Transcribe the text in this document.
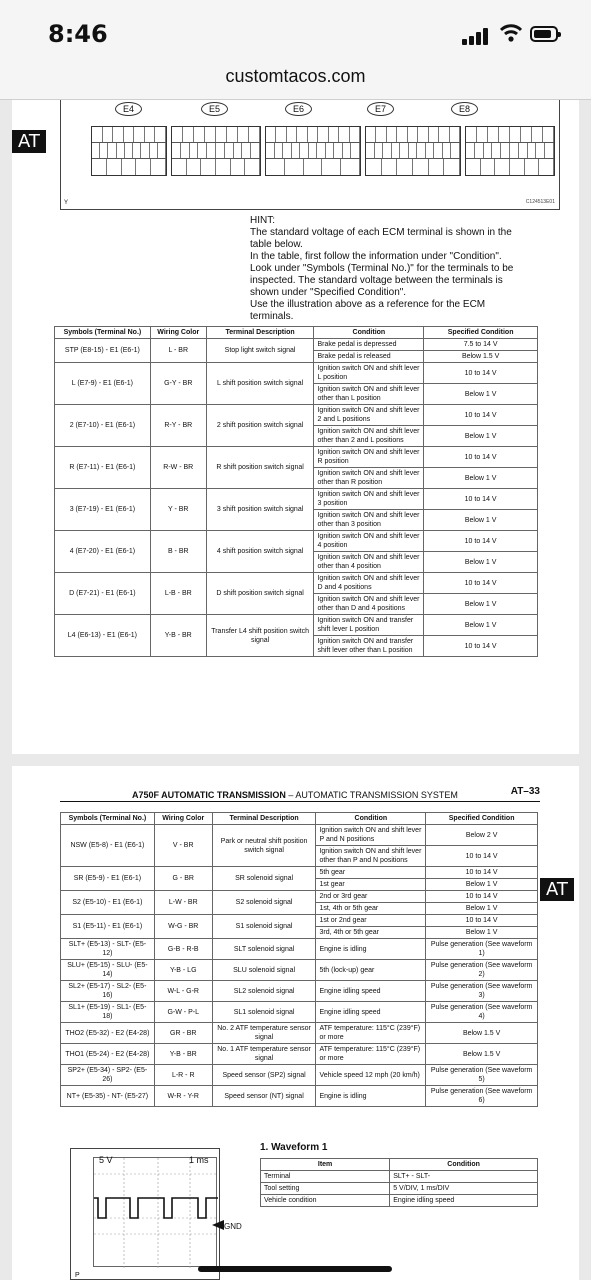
8:46
customtacos.com
AT
E4	E5	E6	E7	E8
Y	C124513E01
HINT:
The standard voltage of each ECM terminal is shown in the table below.
In the table, first follow the information under "Condition".
Look under "Symbols (Terminal No.)" for the terminals to be inspected. The standard voltage between the terminals is shown under "Specified Condition".
Use the illustration above as a reference for the ECM terminals.
Symbols (Terminal No.)	Wiring Color	Terminal Description	Condition	Specified Condition
STP (E8-15) - E1 (E6-1)	L - BR	Stop light switch signal	Brake pedal is depressed	7.5 to 14 V
			Brake pedal is released	Below 1.5 V
L (E7-9) - E1 (E6-1)	G-Y - BR	L shift position switch signal	Ignition switch ON and shift lever L position	10 to 14 V
			Ignition switch ON and shift lever other than L position	Below 1 V
2 (E7-10) - E1 (E6-1)	R-Y - BR	2 shift position switch signal	Ignition switch ON and shift lever 2 and L positions	10 to 14 V
			Ignition switch ON and shift lever other than 2 and L positions	Below 1 V
R (E7-11) - E1 (E6-1)	R-W - BR	R shift position switch signal	Ignition switch ON and shift lever R position	10 to 14 V
			Ignition switch ON and shift lever other than R position	Below 1 V
3 (E7-19) - E1 (E6-1)	Y - BR	3 shift position switch signal	Ignition switch ON and shift lever 3 position	10 to 14 V
			Ignition switch ON and shift lever other than 3 position	Below 1 V
4 (E7-20) - E1 (E6-1)	B - BR	4 shift position switch signal	Ignition switch ON and shift lever 4 position	10 to 14 V
			Ignition switch ON and shift lever other than 4 position	Below 1 V
D (E7-21) - E1 (E6-1)	L-B - BR	D shift position switch signal	Ignition switch ON and shift lever D and 4 positions	10 to 14 V
			Ignition switch ON and shift lever other than D and 4 positions	Below 1 V
L4 (E6-13) - E1 (E6-1)	Y-B - BR	Transfer L4 shift position switch signal	Ignition switch ON and transfer shift lever L position	Below 1 V
			Ignition switch ON and transfer shift lever other than L position	10 to 14 V
A750F AUTOMATIC TRANSMISSION – AUTOMATIC TRANSMISSION SYSTEM	AT–33
AT
Symbols (Terminal No.)	Wiring Color	Terminal Description	Condition	Specified Condition
NSW (E5-8) - E1 (E6-1)	V - BR	Park or neutral shift position switch signal	Ignition switch ON and shift lever P and N positions	Below 2 V
			Ignition switch ON and shift lever other than P and N positions	10 to 14 V
SR (E5-9) - E1 (E6-1)	G - BR	SR solenoid signal	5th gear	10 to 14 V
			1st gear	Below 1 V
S2 (E5-10) - E1 (E6-1)	L-W - BR	S2 solenoid signal	2nd or 3rd gear	10 to 14 V
			1st, 4th or 5th gear	Below 1 V
S1 (E5-11) - E1 (E6-1)	W-G - BR	S1 solenoid signal	1st or 2nd gear	10 to 14 V
			3rd, 4th or 5th gear	Below 1 V
SLT+ (E5-13) - SLT- (E5-12)	G-B - R-B	SLT solenoid signal	Engine is idling	Pulse generation (See waveform 1)
SLU+ (E5-15) - SLU- (E5-14)	Y-B - LG	SLU solenoid signal	5th (lock-up) gear	Pulse generation (See waveform 2)
SL2+ (E5-17) - SL2- (E5-16)	W-L - G-R	SL2 solenoid signal	Engine idling speed	Pulse generation (See waveform 3)
SL1+ (E5-19) - SL1- (E5-18)	G-W - P-L	SL1 solenoid signal	Engine idling speed	Pulse generation (See waveform 4)
THO2 (E5-32) - E2 (E4-28)	GR - BR	No. 2 ATF temperature sensor signal	ATF temperature: 115°C (239°F) or more	Below 1.5 V
THO1 (E5-24) - E2 (E4-28)	Y-B - BR	No. 1 ATF temperature sensor signal	ATF temperature: 115°C (239°F) or more	Below 1.5 V
SP2+ (E5-34) - SP2- (E5-26)	L-R - R	Speed sensor (SP2) signal	Vehicle speed 12 mph (20 km/h)	Pulse generation (See waveform 5)
NT+ (E5-35) - NT- (E5-27)	W-R - Y-R	Speed sensor (NT) signal	Engine is idling	Pulse generation (See waveform 6)
5 V	1 ms
P
GND
1. Waveform 1
Item	Condition
Terminal	SLT+ - SLT-
Tool setting	5 V/DIV, 1 ms/DIV
Vehicle condition	Engine idling speed
